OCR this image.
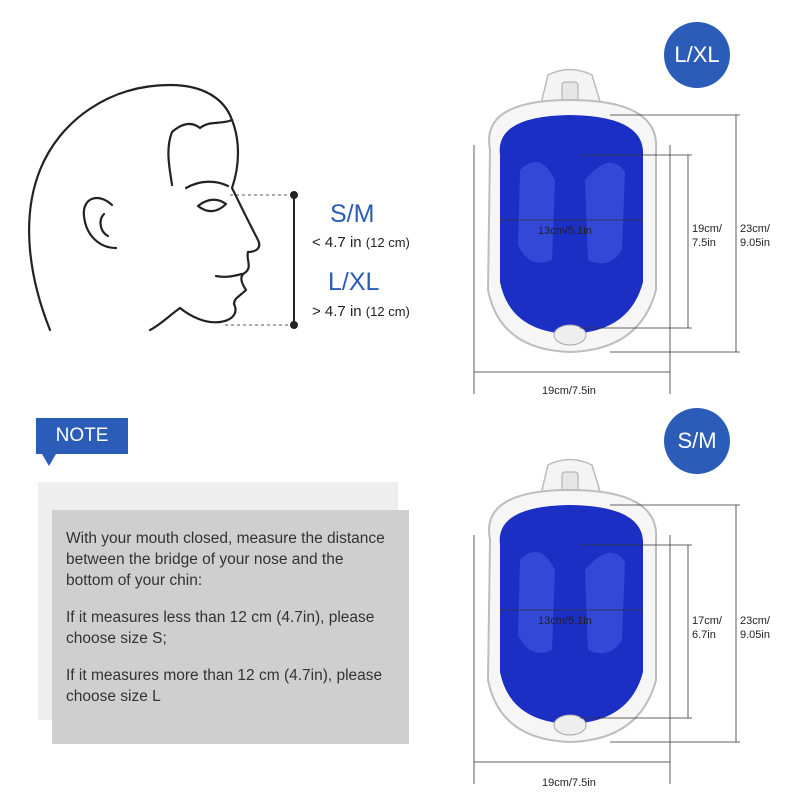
S/M
< 4.7 in (12 cm)
L/XL
> 4.7 in (12 cm)
NOTE

With your mouth closed, measure the distance between the bridge of your nose and the bottom of your chin:

If it measures less than 12 cm (4.7in), please choose size S;

If it measures more than 12 cm (4.7in), please choose size L

L/XL
13cm/5.1in	19cm/
7.5in
23cm/
9.05in
19cm/7.5in
S/M
13cm/5.1in	17cm/
6.7in
23cm/
9.05in
19cm/7.5in
